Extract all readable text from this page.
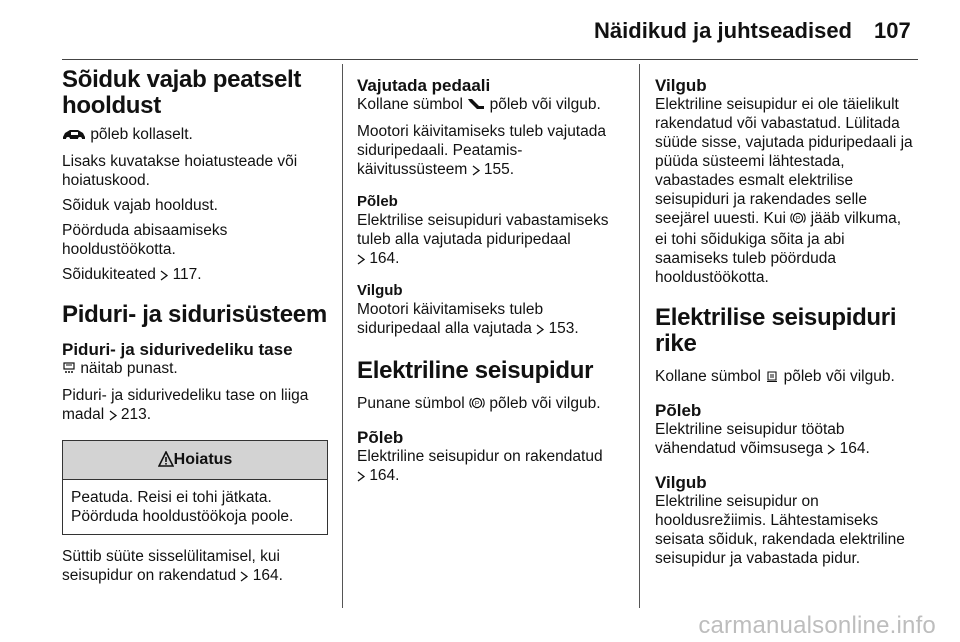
Näidikud ja juhtseadised 107
Sõiduk vajab peatselt
hooldust

põleb kollaselt.

Lisaks kuvatakse hoiatusteade või
hoiatuskood.

Sõiduk vajab hooldust.

Pöörduda abisaamiseks
hooldustöökotta.

Sõidukiteated 117.

Piduri- ja sidurisüsteem
Piduri- ja sidurivedeliku tase

näitab punast.

Piduri- ja sidurivedeliku tase on liiga
madal 213.

Hoiatus
Peatuda. Reisi ei tohi jätkata.
Pöörduda hooldustöökoja poole.

Süttib süüte sisselülitamisel, kui
seisupidur on rakendatud 164.

Vajutada pedaali

Kollane sümbol põleb või vilgub.

Mootori käivitamiseks tuleb vajutada
siduripedaali. Peatamis-
käivitussüsteem 155.

Põleb

Elektrilise seisupiduri vabastamiseks
tuleb alla vajutada piduripedaal
164.

Vilgub

Mootori käivitamiseks tuleb
siduripedaal alla vajutada 153.

Elektriline seisupidur

Punane sümbol P põleb või vilgub.

Põleb

Elektriline seisupidur on rakendatud
164.

Vilgub

Elektriline seisupidur ei ole täielikult
rakendatud või vabastatud. Lülitada
süüde sisse, vajutada piduripedaali ja
püüda süsteemi lähtestada,
vabastades esmalt elektrilise
seisupiduri ja rakendades selle
seejärel uuesti. Kui P jääb vilkuma,
ei tohi sõidukiga sõita ja abi
saamiseks tuleb pöörduda
hooldustöökotta.

Elektrilise seisupiduri rike

Kollane sümbol põleb või vilgub.

Põleb

Elektriline seisupidur töötab
vähendatud võimsusega 164.

Vilgub

Elektriline seisupidur on
hooldusrežiimis. Lähtestamiseks
seisata sõiduk, rakendada elektriline
seisupidur ja vabastada pidur.

carmanualsonline.info
